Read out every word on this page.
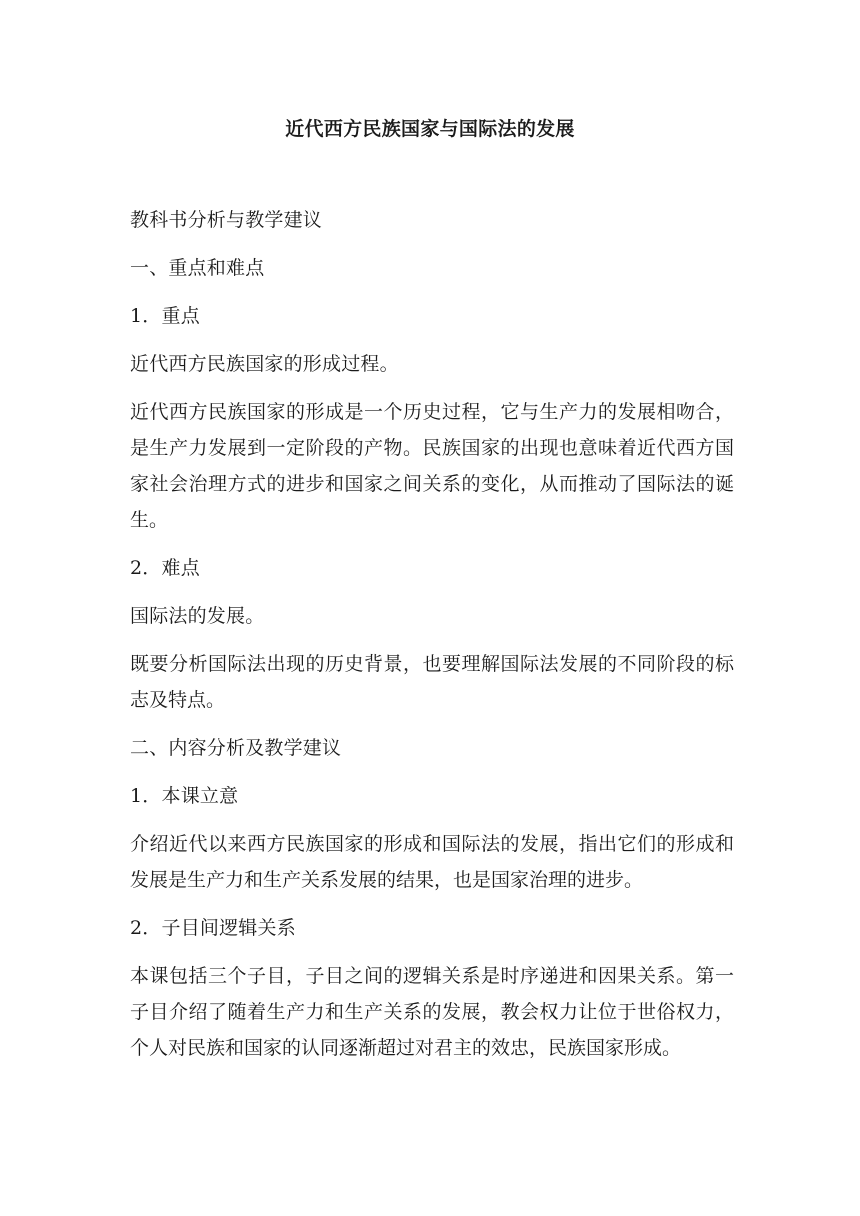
近代西方民族国家与国际法的发展
教科书分析与教学建议
一、重点和难点
1．重点
近代西方民族国家的形成过程。
近代西方民族国家的形成是一个历史过程，它与生产力的发展相吻合，是生产力发展到一定阶段的产物。民族国家的出现也意味着近代西方国家社会治理方式的进步和国家之间关系的变化，从而推动了国际法的诞生。
2．难点
国际法的发展。
既要分析国际法出现的历史背景，也要理解国际法发展的不同阶段的标志及特点。
二、内容分析及教学建议
1．本课立意
介绍近代以来西方民族国家的形成和国际法的发展，指出它们的形成和发展是生产力和生产关系发展的结果，也是国家治理的进步。
2．子目间逻辑关系
本课包括三个子目，子目之间的逻辑关系是时序递进和因果关系。第一子目介绍了随着生产力和生产关系的发展，教会权力让位于世俗权力，个人对民族和国家的认同逐渐超过对君主的效忠，民族国家形成。
